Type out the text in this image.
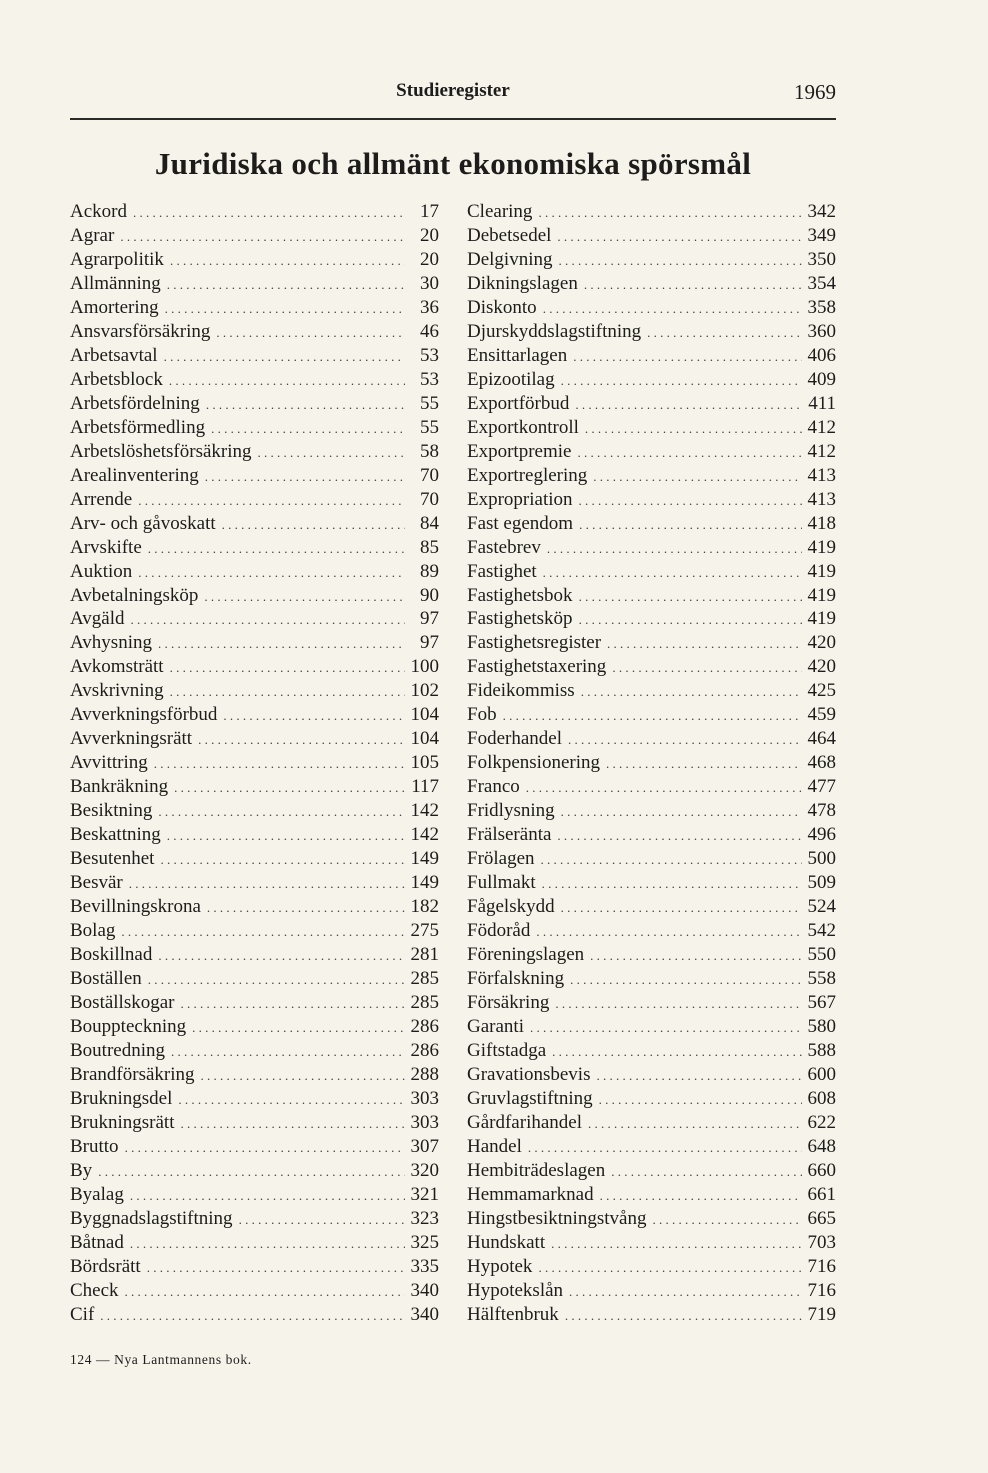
Studieregister	1969
Juridiska och allmänt ekonomiska spörsmål
Ackord . . .	17
Agrar . . .	20
Agrarpolitik . . .	20
Allmänning . . .	30
Amortering . . .	36
Ansvarsförsäkring . . .	46
Arbetsavtal . . .	53
Arbetsblock . . .	53
Arbetsfördelning . . .	55
Arbetsförmedling . . .	55
Arbetslöshetsförsäkring . . .	58
Arealinventering . . .	70
Arrende . . .	70
Arv- och gåvoskatt . . .	84
Arvskifte . . .	85
Auktion . . .	89
Avbetalningsköp . . .	90
Avgäld . . .	97
Avhysning . . .	97
Avkomsträtt . . .	100
Avskrivning . . .	102
Avverkningsförbud . . .	104
Avverkningsrätt . . .	104
Avvittring . . .	105
Bankräkning . . .	117
Besiktning . . .	142
Beskattning . . .	142
Besutenhet . . .	149
Besvär . . .	149
Bevillningskrona . . .	182
Bolag . . .	275
Boskillnad . . .	281
Boställen . . .	285
Boställskogar . . .	285
Bouppteckning . . .	286
Boutredning . . .	286
Brandförsäkring . . .	288
Brukningsdel . . .	303
Brukningsrätt . . .	303
Brutto . . .	307
By . . .	320
Byalag . . .	321
Byggnadslagstiftning . . .	323
Båtnad . . .	325
Bördsrätt . . .	335
Check . . .	340
Cif . . .	340
Clearing . . .	342
Debetsedel . . .	349
Delgivning . . .	350
Dikningslagen . . .	354
Diskonto . . .	358
Djurskyddslagstiftning . . .	360
Ensittarlagen . . .	406
Epizootilag . . .	409
Exportförbud . . .	411
Exportkontroll . . .	412
Exportpremie . . .	412
Exportreglering . . .	413
Expropriation . . .	413
Fast egendom . . .	418
Fastebrev . . .	419
Fastighet . . .	419
Fastighetsbok . . .	419
Fastighetsköp . . .	419
Fastighetsregister . . .	420
Fastighetstaxering . . .	420
Fideikommiss . . .	425
Fob . . .	459
Foderhandel . . .	464
Folkpensionering . . .	468
Franco . . .	477
Fridlysning . . .	478
Frälseränta . . .	496
Frölagen . . .	500
Fullmakt . . .	509
Fågelskydd . . .	524
Födoråd . . .	542
Föreningslagen . . .	550
Förfalskning . . .	558
Försäkring . . .	567
Garanti . . .	580
Giftstadga . . .	588
Gravationsbevis . . .	600
Gruvlagstiftning . . .	608
Gårdfarihandel . . .	622
Handel . . .	648
Hembiträdeslagen . . .	660
Hemmamarknad . . .	661
Hingstbesiktningstvång . . .	665
Hundskatt . . .	703
Hypotek . . .	716
Hypotekslån . . .	716
Hälftenbruk . . .	719
124 — Nya Lantmannens bok.
